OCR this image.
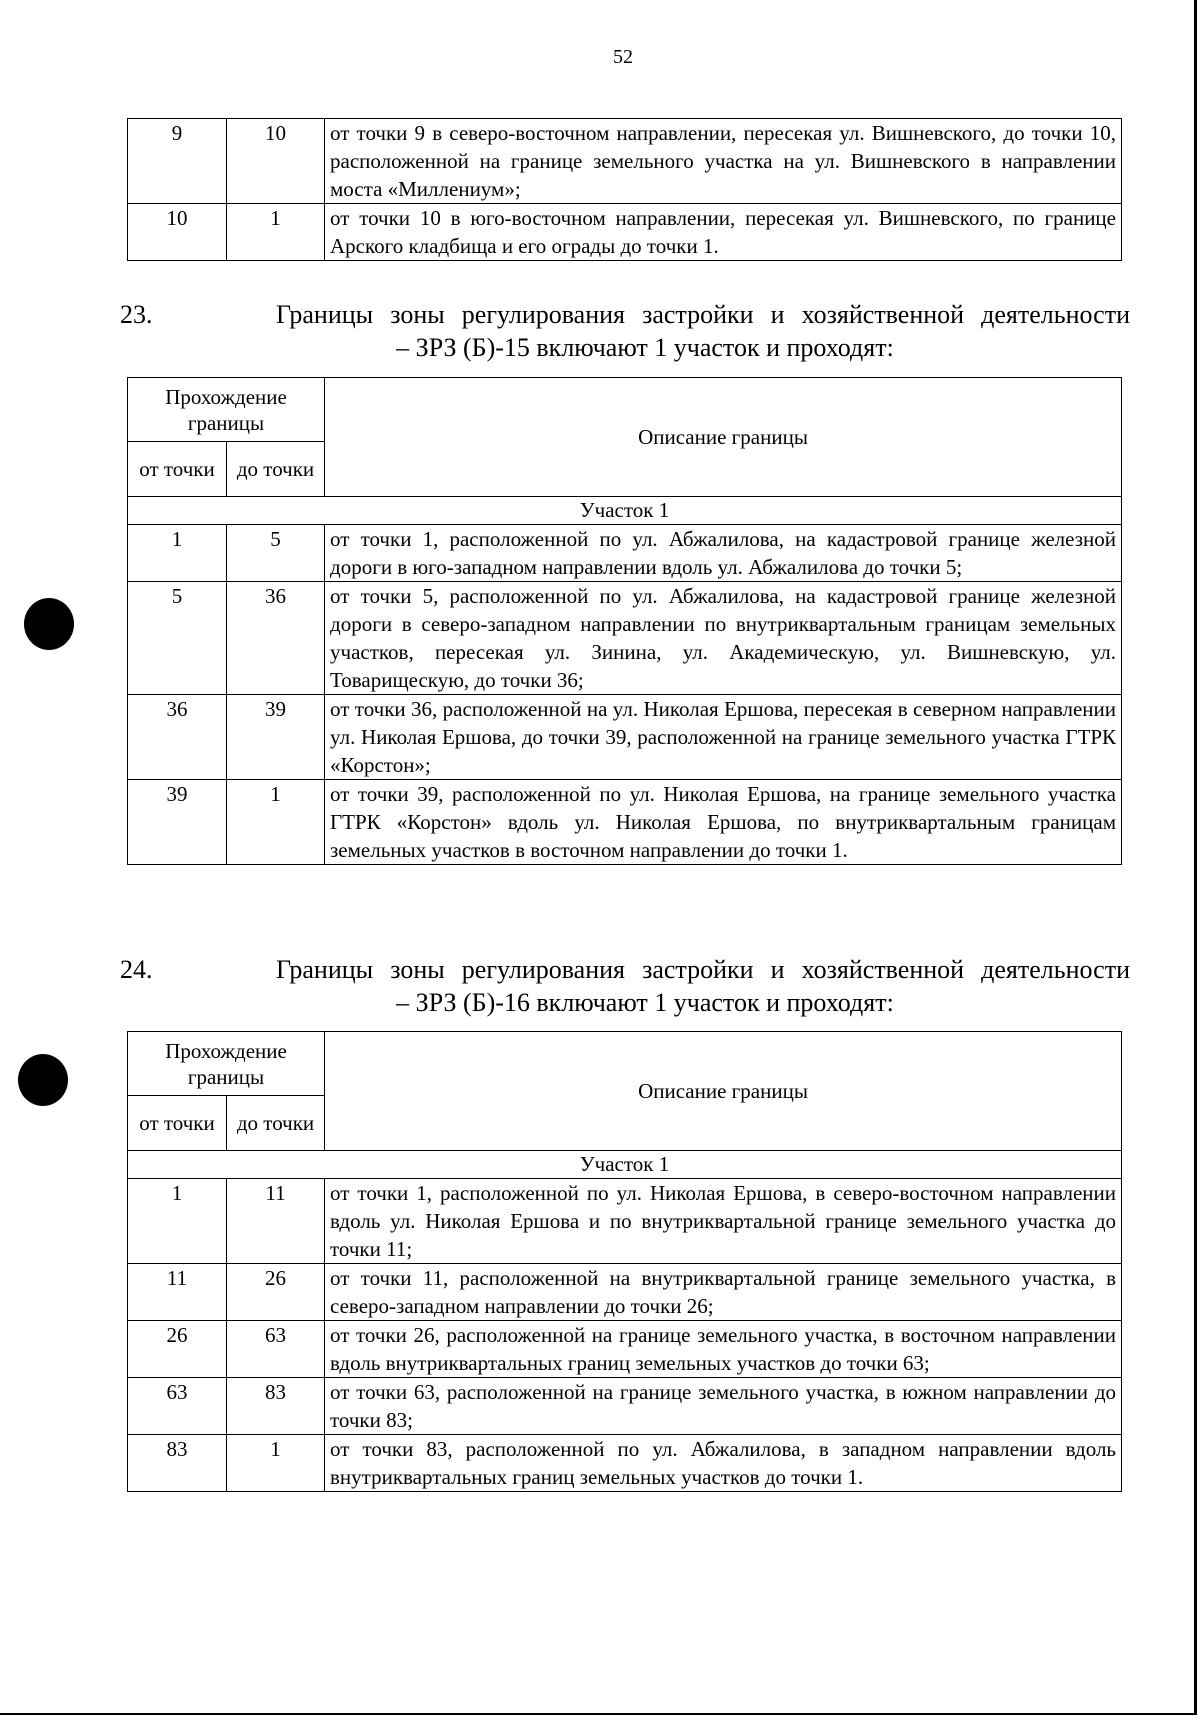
52
9	10	от точки 9 в северо-восточном направлении, пересекая ул. Вишневского, до точки 10, расположенной на границе земельного участка на ул. Вишневского в направлении моста «Миллениум»;
10	1	от точки 10 в юго-восточном направлении, пересекая ул. Вишневского, по границе Арского кладбища и его ограды до точки 1.
23.	Границы зоны регулирования застройки и хозяйственной деятельности
– ЗРЗ (Б)-15 включают 1 участок и проходят:
Прохождение границы		Описание границы
от точки	до точки	
Участок 1		
1	5	от точки 1, расположенной по ул. Абжалилова, на кадастровой границе железной дороги в юго-западном направлении вдоль ул. Абжалилова до точки 5;
5	36	от точки 5, расположенной по ул. Абжалилова, на кадастровой границе железной дороги в северо-западном направлении по внутриквартальным границам земельных участков, пересекая ул. Зинина, ул. Академическую, ул. Вишневскую, ул. Товарищескую, до точки 36;
36	39	от точки 36, расположенной на ул. Николая Ершова, пересекая в северном направлении ул. Николая Ершова, до точки 39, расположенной на границе земельного участка ГТРК «Корстон»;
39	1	от точки 39, расположенной по ул. Николая Ершова, на границе земельного участка ГТРК «Корстон» вдоль ул. Николая Ершова, по внутриквартальным границам земельных участков в восточном направлении до точки 1.
24.	Границы зоны регулирования застройки и хозяйственной деятельности
– ЗРЗ (Б)-16 включают 1 участок и проходят:
Прохождение границы		Описание границы
от точки	до точки	
Участок 1		
1	11	от точки 1, расположенной по ул. Николая Ершова, в северо-восточном направлении вдоль ул. Николая Ершова и по внутриквартальной границе земельного участка до точки 11;
11	26	от точки 11, расположенной на внутриквартальной границе земельного участка, в северо-западном направлении до точки 26;
26	63	от точки 26, расположенной на границе земельного участка, в восточном направлении вдоль внутриквартальных границ земельных участков до точки 63;
63	83	от точки 63, расположенной на границе земельного участка, в южном направлении до точки 83;
83	1	от точки 83, расположенной по ул. Абжалилова, в западном направлении вдоль внутриквартальных границ земельных участков до точки 1.
